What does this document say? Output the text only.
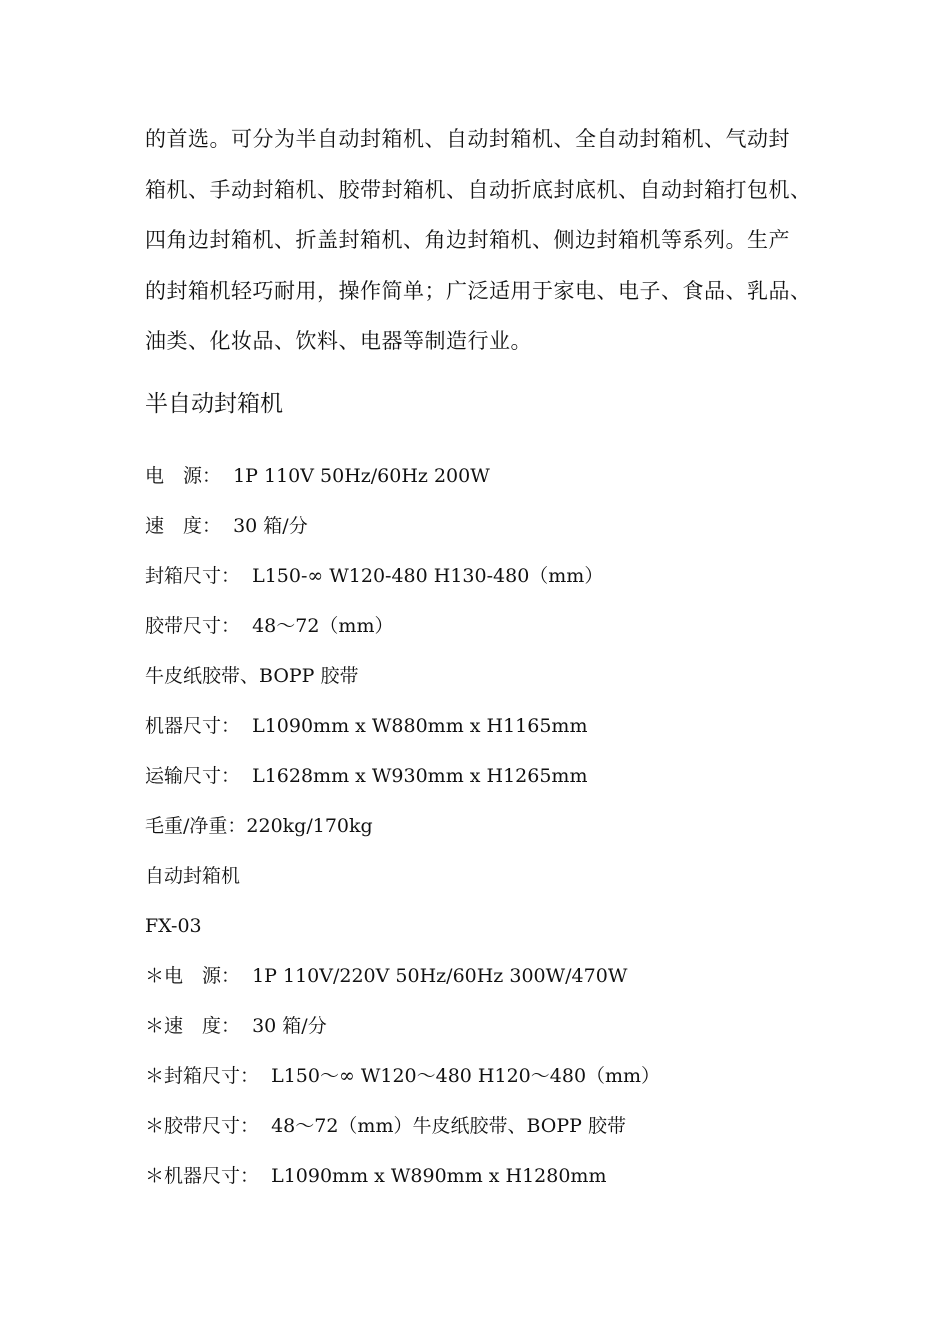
的首选。可分为半自动封箱机、自动封箱机、全自动封箱机、气动封
箱机、手动封箱机、胶带封箱机、自动折底封底机、自动封箱打包机、
四角边封箱机、折盖封箱机、角边封箱机、侧边封箱机等系列。生产
的封箱机轻巧耐用，操作简单；广泛适用于家电、电子、食品、乳品、
油类、化妆品、饮料、电器等制造行业。

半自动封箱机
电　源：  1P 110V 50Hz/60Hz 200W
速　度：  30 箱/分
封箱尺寸：  L150-∞ W120-480 H130-480（mm）
胶带尺寸：  48～72（mm）
牛皮纸胶带、BOPP 胶带
机器尺寸：  L1090mm x W880mm x H1165mm
运输尺寸：  L1628mm x W930mm x H1265mm
毛重/净重：220kg/170kg
自动封箱机
FX-03
＊电　源：  1P 110V/220V 50Hz/60Hz 300W/470W
＊速　度：  30 箱/分
＊封箱尺寸：  L150～∞ W120～480 H120～480（mm）
＊胶带尺寸：  48～72（mm）牛皮纸胶带、BOPP 胶带
＊机器尺寸：  L1090mm x W890mm x H1280mm
